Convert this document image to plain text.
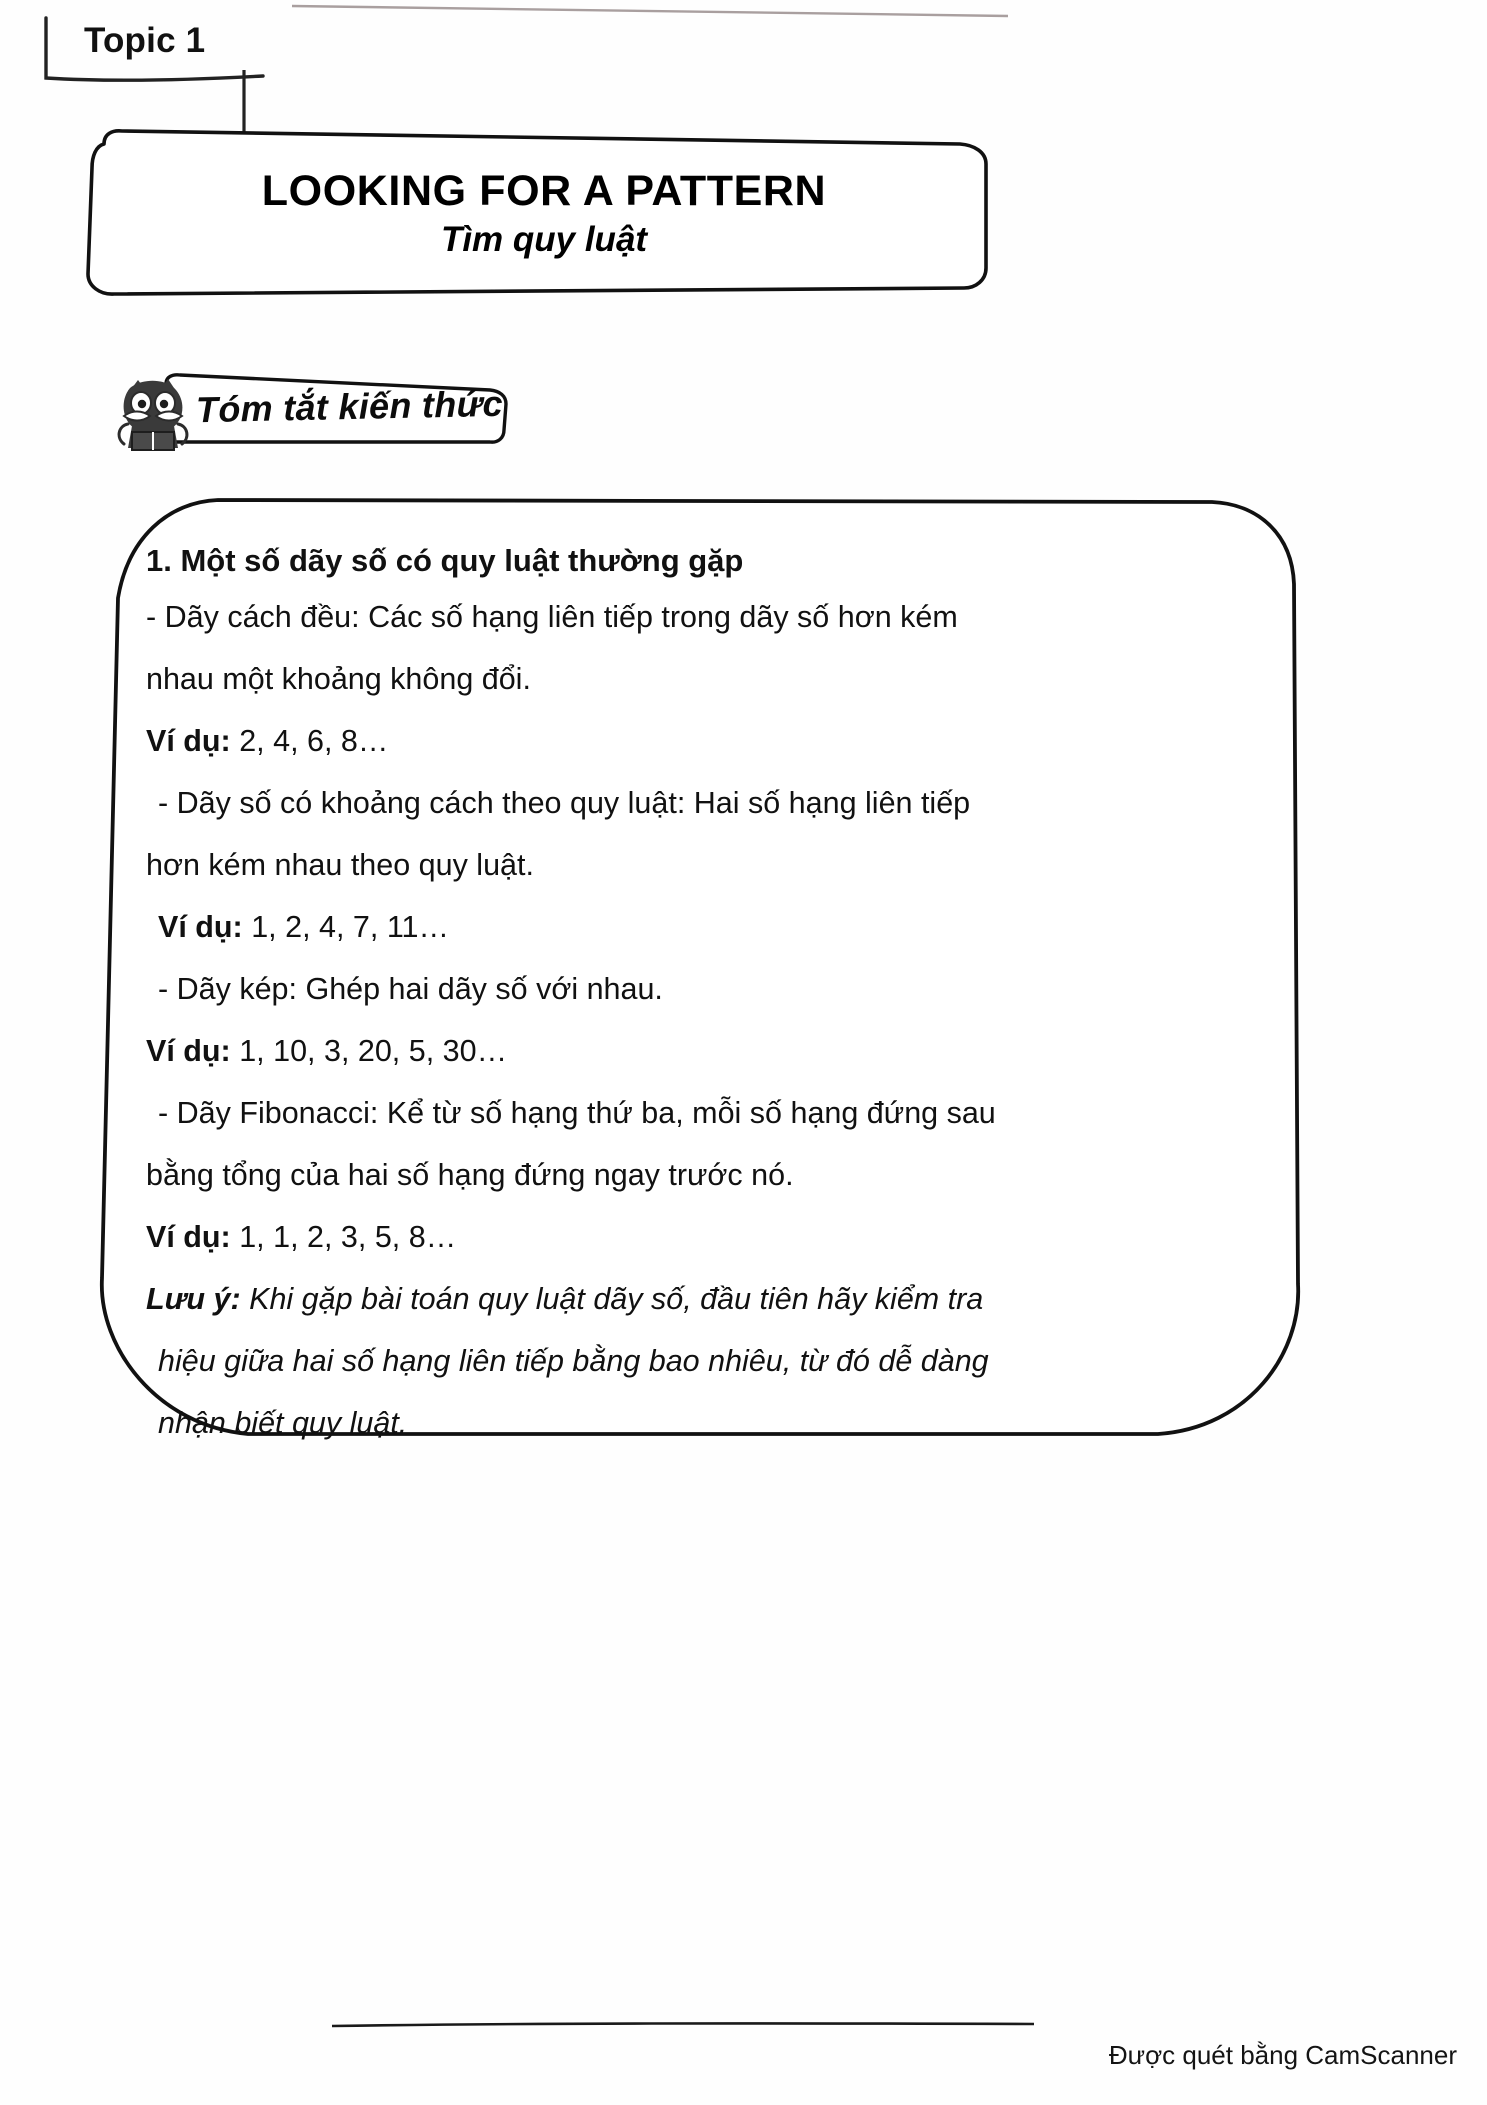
Topic 1
LOOKING FOR A PATTERN
Tìm quy luật
Tóm tắt kiến thức
1. Một số dãy số có quy luật thường gặp
- Dãy cách đều: Các số hạng liên tiếp trong dãy số hơn kém
nhau một khoảng không đổi.
Ví dụ: 2, 4, 6, 8…
- Dãy số có khoảng cách theo quy luật: Hai số hạng liên tiếp
hơn kém nhau theo quy luật.
Ví dụ: 1, 2, 4, 7, 11…
- Dãy kép: Ghép hai dãy số với nhau.
Ví dụ: 1, 10, 3, 20, 5, 30…
- Dãy Fibonacci: Kể từ số hạng thứ ba, mỗi số hạng đứng sau
bằng tổng của hai số hạng đứng ngay trước nó.
Ví dụ: 1, 1, 2, 3, 5, 8…
Lưu ý: Khi gặp bài toán quy luật dãy số, đầu tiên hãy kiểm tra
hiệu giữa hai số hạng liên tiếp bằng bao nhiêu, từ đó dễ dàng
nhận biết quy luật.
Được quét bằng CamScanner
